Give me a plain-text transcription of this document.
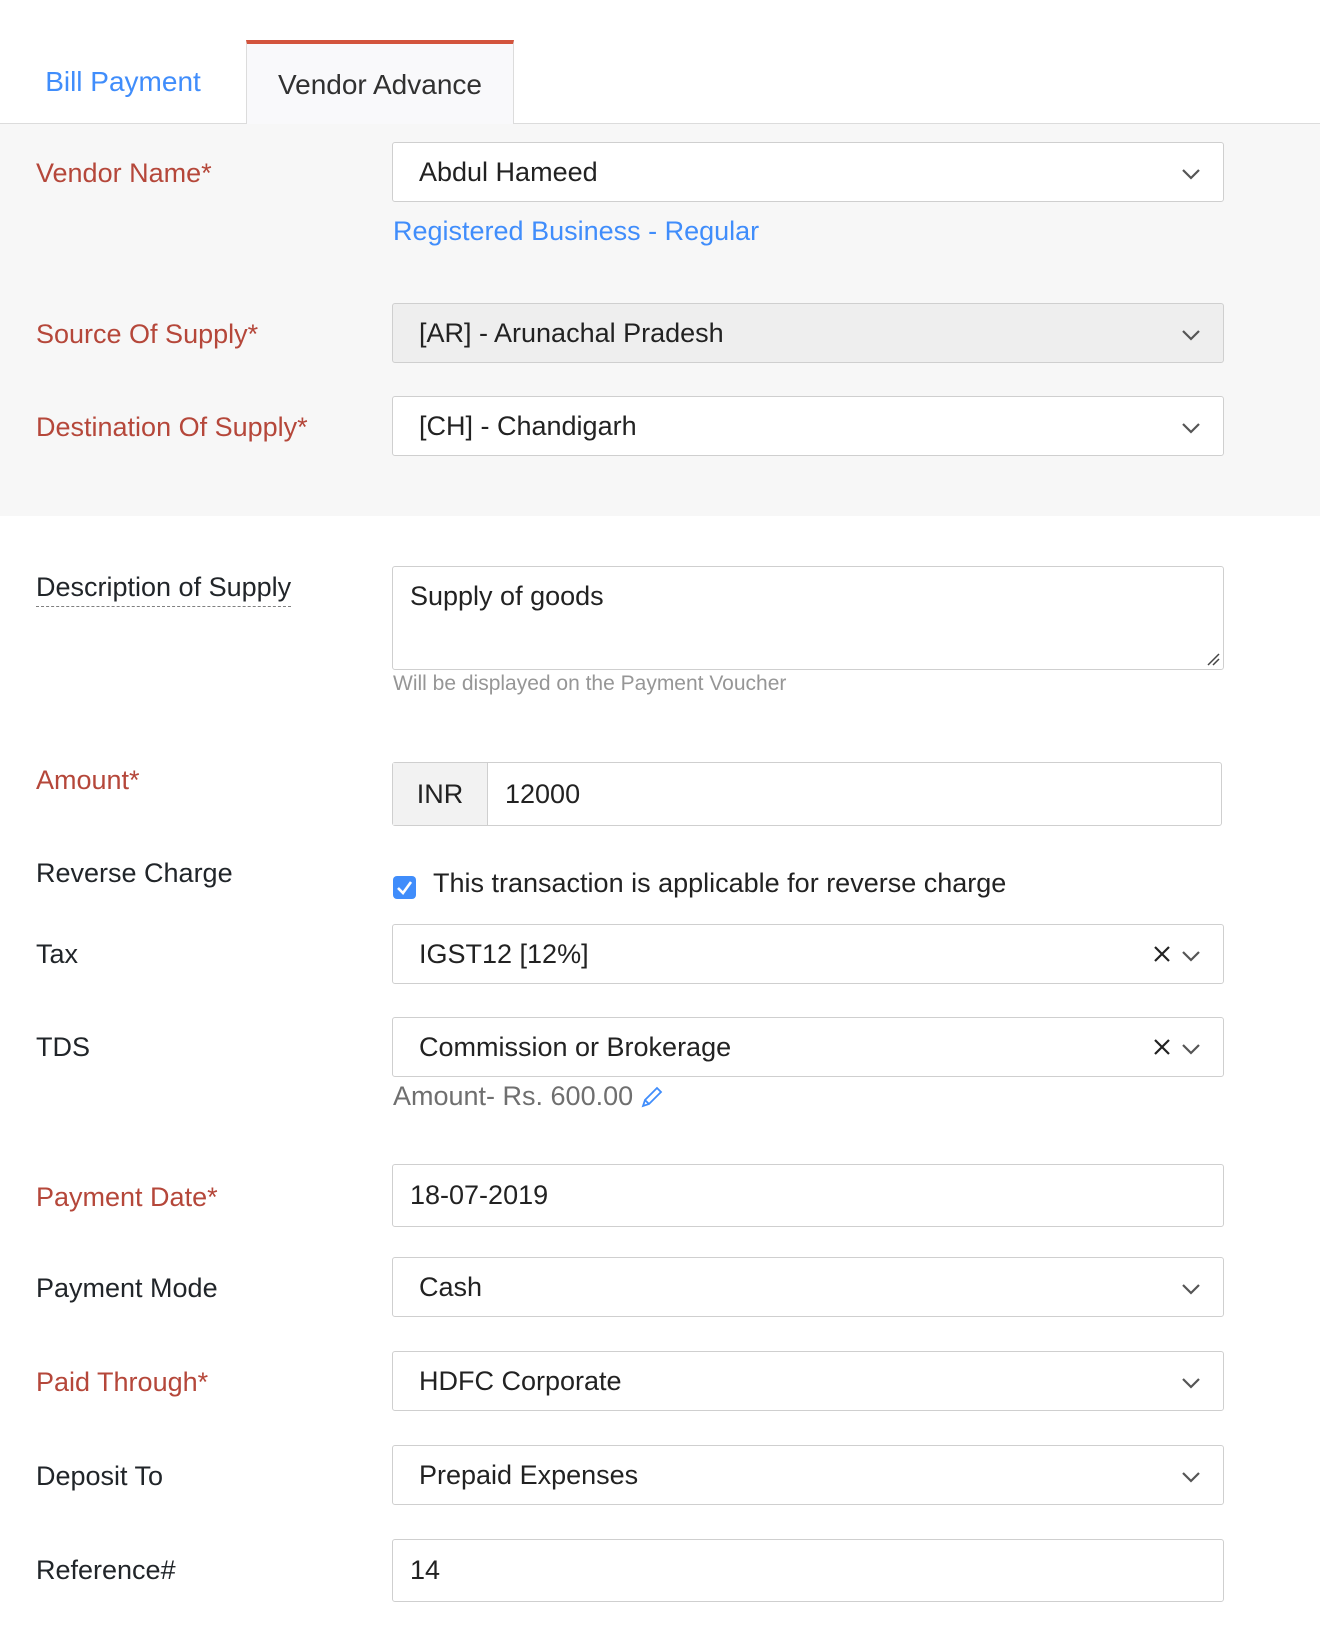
Bill Payment	Vendor Advance
Vendor Name*	Abdul Hameed
Registered Business - Regular
Source Of Supply*	[AR] - Arunachal Pradesh
Destination Of Supply*	[CH] - Chandigarh
Description of Supply	Supply of goods
Will be displayed on the Payment Voucher
Amount*	INR	12000
Reverse Charge	This transaction is applicable for reverse charge
Tax	IGST12 [12%]
TDS	Commission or Brokerage
Amount- Rs. 600.00
Payment Date*	18-07-2019
Payment Mode	Cash
Paid Through*	HDFC Corporate
Deposit To	Prepaid Expenses
Reference#	14
